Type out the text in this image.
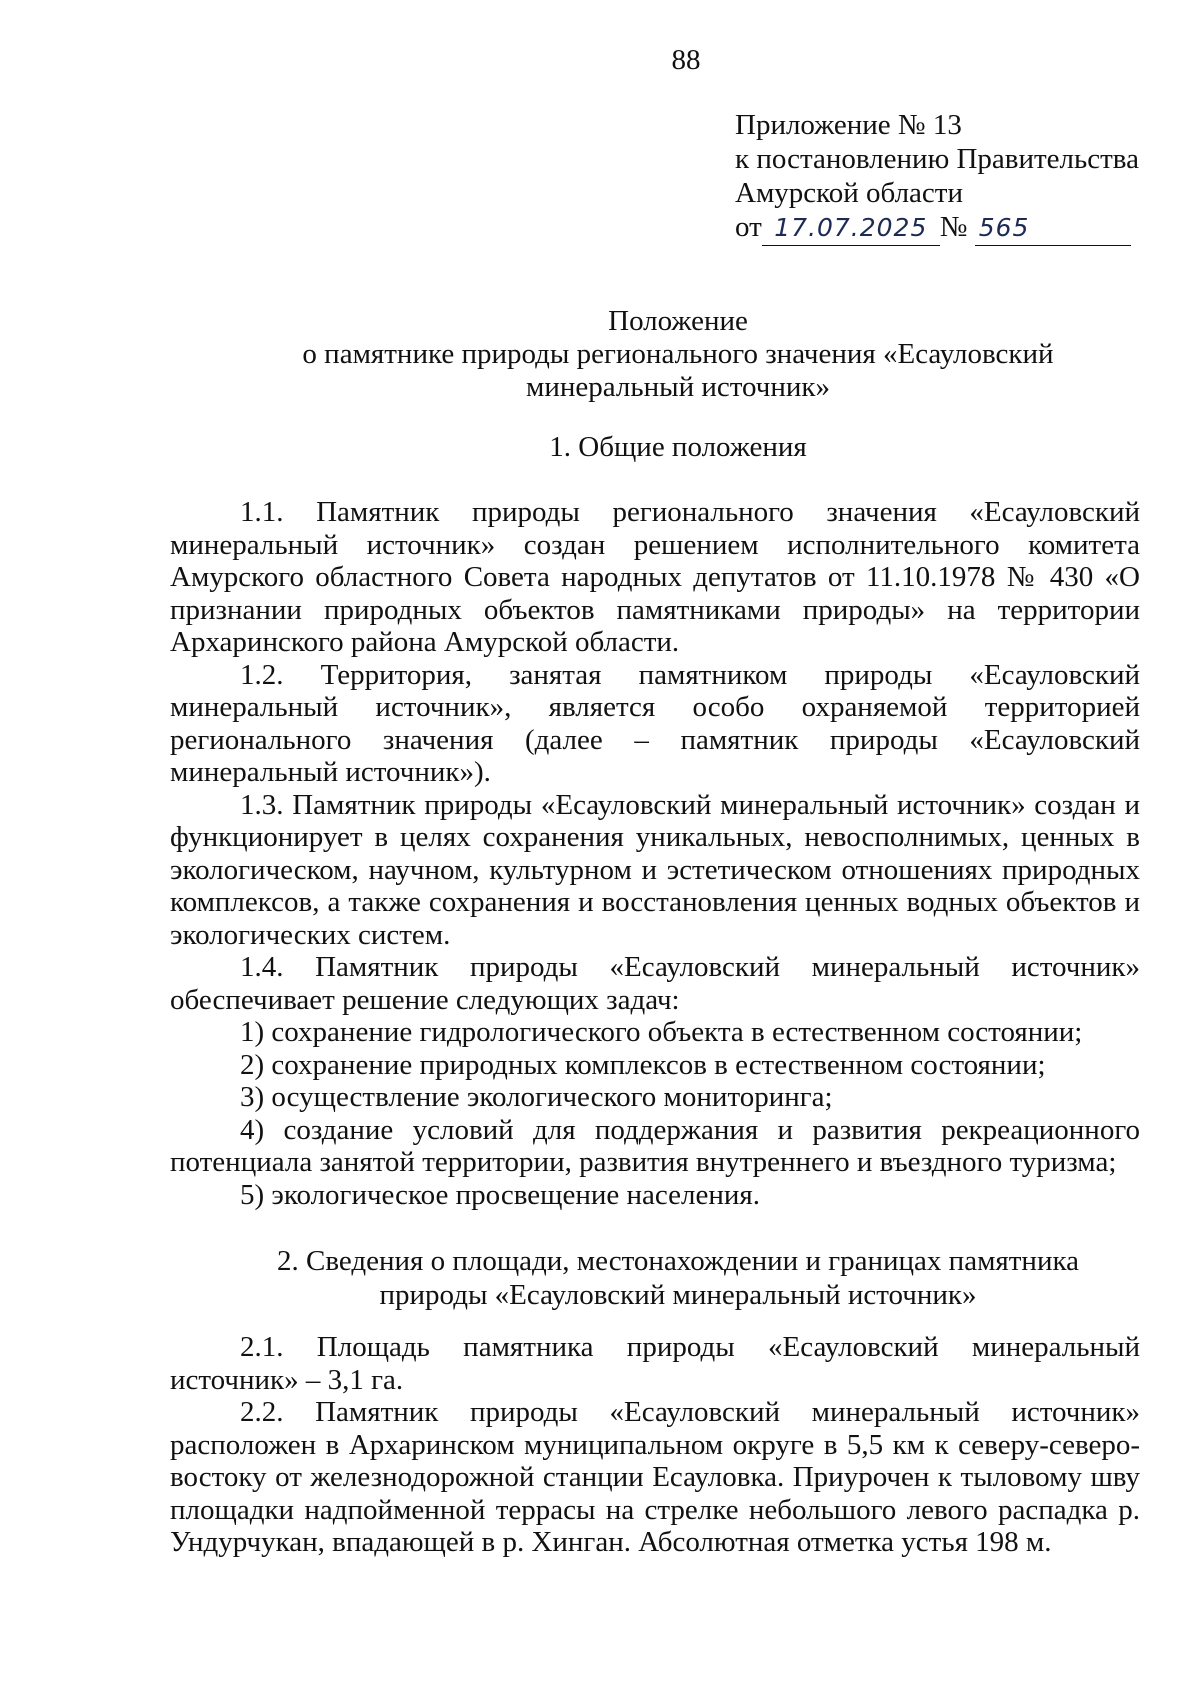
88
Приложение № 13
к постановлению Правительства
Амурской области
от 17.07.2025 № 565
Положение
о памятнике природы регионального значения «Есауловский
минеральный источник»
1. Общие положения

1.1. Памятник природы регионального значения «Есауловский минеральный источник» создан решением исполнительного комитета Амурского областного Совета народных депутатов от 11.10.1978 № 430 «О признании природных объектов памятниками природы» на территории Архаринского района Амурской области.

1.2. Территория, занятая памятником природы «Есауловский минеральный источник», является особо охраняемой территорией регионального значения (далее – памятник природы «Есауловский минеральный источник»).

1.3. Памятник природы «Есауловский минеральный источник» создан и функционирует в целях сохранения уникальных, невосполнимых, ценных в экологическом, научном, культурном и эстетическом отношениях природных комплексов, а также сохранения и восстановления ценных водных объектов и экологических систем.

1.4. Памятник природы «Есауловский минеральный источник» обеспечивает решение следующих задач:

1) сохранение гидрологического объекта в естественном состоянии;

2) сохранение природных комплексов в естественном состоянии;

3) осуществление экологического мониторинга;

4) создание условий для поддержания и развития рекреационного потенциала занятой территории, развития внутреннего и въездного туризма;

5) экологическое просвещение населения.

2. Сведения о площади, местонахождении и границах памятника
природы «Есауловский минеральный источник»

2.1. Площадь памятника природы «Есауловский минеральный источник» – 3,1 га.

2.2. Памятник природы «Есауловский минеральный источник» расположен в Архаринском муниципальном округе в 5,5 км к северу-северо-востоку от железнодорожной станции Есауловка. Приурочен к тыловому шву площадки надпойменной террасы на стрелке небольшого левого распадка р. Ундурчукан, впадающей в р. Хинган. Абсолютная отметка устья 198 м.
